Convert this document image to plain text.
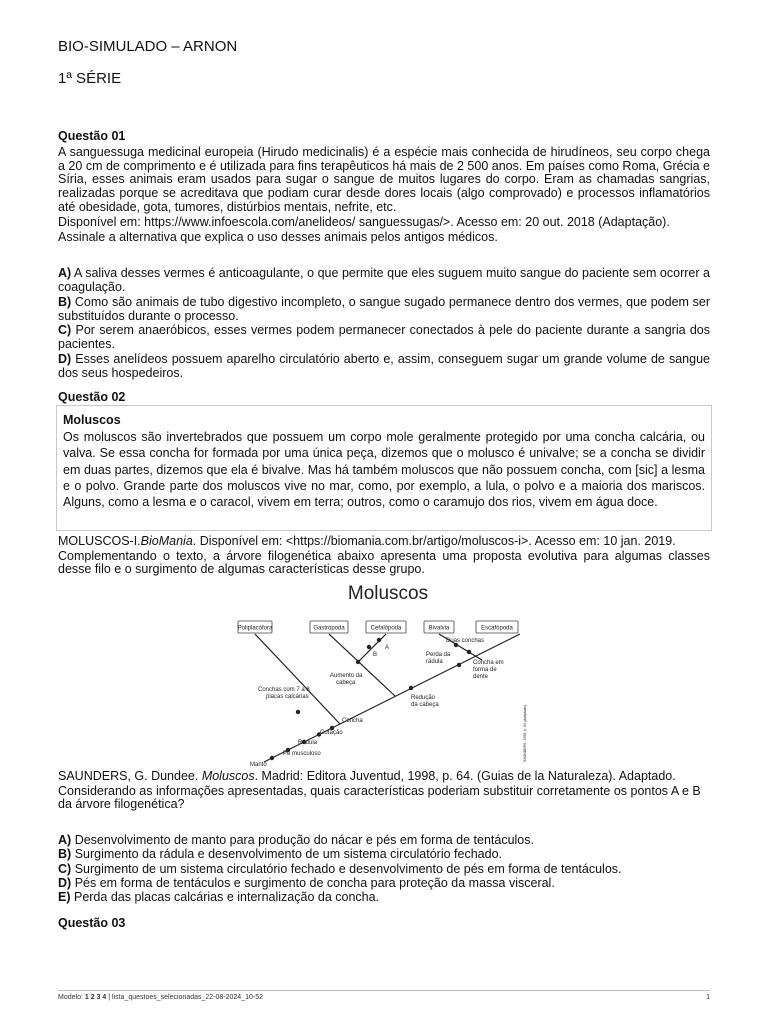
BIO-SIMULADO – ARNON
1ª SÉRIE
Questão 01

A sanguessuga medicinal europeia (Hirudo medicinalis) é a espécie mais conhecida de hirudíneos, seu corpo chega a 20 cm de comprimento e é utilizada para fins terapêuticos há mais de 2 500 anos. Em países como Roma, Grécia e Síria, esses animais eram usados para sugar o sangue de muitos lugares do corpo. Eram as chamadas sangrias, realizadas porque se acreditava que podiam curar desde dores locais (algo comprovado) e processos inflamatórios até obesidade, gota, tumores, distúrbios mentais, nefrite, etc.

Disponível em: https://www.infoescola.com/anelideos/ sanguessugas/>. Acesso em: 20 out. 2018 (Adaptação).

Assinale a alternativa que explica o uso desses animais pelos antigos médicos.

A) A saliva desses vermes é anticoagulante, o que permite que eles suguem muito sangue do paciente sem ocorrer a coagulação.
B) Como são animais de tubo digestivo incompleto, o sangue sugado permanece dentro dos vermes, que podem ser substituídos durante o processo.
C) Por serem anaeróbicos, esses vermes podem permanecer conectados à pele do paciente durante a sangria dos pacientes.
D) Esses anelídeos possuem aparelho circulatório aberto e, assim, conseguem sugar um grande volume de sangue dos seus hospedeiros.
Questão 02
Moluscos
Os moluscos são invertebrados que possuem um corpo mole geralmente protegido por uma concha calcária, ou valva. Se essa concha for formada por uma única peça, dizemos que o molusco é univalve; se a concha se dividir em duas partes, dizemos que ela é bivalve. Mas há também moluscos que não possuem concha, com [sic] a lesma e o polvo. Grande parte dos moluscos vive no mar, como, por exemplo, a lula, o polvo e a maioria dos mariscos. Alguns, como a lesma e o caracol, vivem em terra; outros, como o caramujo dos rios, vivem em água doce.

MOLUSCOS-I.BioMania. Disponível em: <https://biomania.com.br/artigo/moluscos-i>. Acesso em: 10 jan. 2019.

Complementando o texto, a árvore filogenética abaixo apresenta uma proposta evolutiva para algumas classes desse filo e o surgimento de algumas características desse grupo.

Moluscos
Poliplacófora	Gastrópoda	Cefalópoda	Bivalvia	Escafópoda
A
B
Duas conchas
Perda da
rádula	Concha em
forma de
dente
Aumento da
cabeça
Redução
da cabeça
Conchas com 7 a 8
placas calcárias
Concha
Coração
Rádula
Pé musculoso
Manto
SAUNDERS, 1998, p. 64 (Adaptado).

SAUNDERS, G. Dundee. Moluscos. Madrid: Editora Juventud, 1998, p. 64. (Guias de la Naturaleza). Adaptado.

Considerando as informações apresentadas, quais características poderiam substituir corretamente os pontos A e B da árvore filogenética?

A) Desenvolvimento de manto para produção do nácar e pés em forma de tentáculos.
B) Surgimento da rádula e desenvolvimento de um sistema circulatório fechado.
C) Surgimento de um sistema circulatório fechado e desenvolvimento de pés em forma de tentáculos.
D) Pés em forma de tentáculos e surgimento de concha para proteção da massa visceral.
E) Perda das placas calcárias e internalização da concha.
Questão 03
Modelo: 1 2 3 4 | lista_questoes_selecionadas_22-08-2024_10-52	1
